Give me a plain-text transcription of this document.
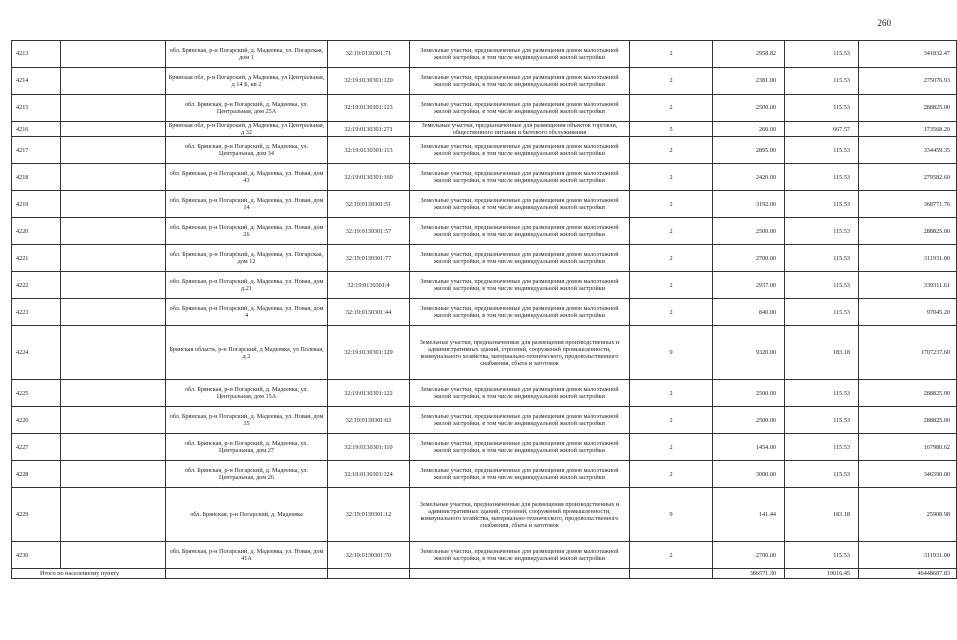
260
4213		обл. Брянская, р-н Погарский, д. Мадеевка, ул. Погарская, дом 1	32:19:0130301:71	Земельные участки, предназначенные для размещения домов малоэтажной жилой застройки, в том числе индивидуальной жилой застройки	2	2958.82	115.53	341832.47
4214		Брянская обл, р-н Погарский, д Мадеевка, ул Центральная, д 14 Б, кв 2	32:19:0130301:120	Земельные участки, предназначенные для размещения домов малоэтажной жилой застройки, в том числе индивидуальной жилой застройки	2	2381.00	115.53	275076.93
4215		обл. Брянская, р-н Погарский, д. Мадеевка, ул. Центральная, дом 25А	32:19:0130301:123	Земельные участки, предназначенные для размещения домов малоэтажной жилой застройки, в том числе индивидуальной жилой застройки	2	2500.00	115.53	288825.00
4216		Брянская обл, р-н Погарский, д Мадеевка, ул Центральная, д 32	32:19:0130301:271	Земельные участки, предназначенные для размещения объектов торговли, общественного питания и бытового обслуживания	5	260.00	667.57	173568.20
4217		обл. Брянская, р-н Погарский, д. Мадеевка, ул. Центральная, дом 34	32:19:0130301:113	Земельные участки, предназначенные для размещения домов малоэтажной жилой застройки, в том числе индивидуальной жилой застройки	2	2895.00	115.53	334459.35
4218		обл. Брянская, р-н Погарский, д. Мадеевка, ул. Новая, дом 43	32:19:0130301:160	Земельные участки, предназначенные для размещения домов малоэтажной жилой застройки, в том числе индивидуальной жилой застройки	2	2420.00	115.53	279582.60
4219		обл. Брянская, р-н Погарский, д. Мадеевка, ул. Новая, дом 14	32:19:0130301:51	Земельные участки, предназначенные для размещения домов малоэтажной жилой застройки, в том числе индивидуальной жилой застройки	2	3192.00	115.53	368771.76
4220		обл. Брянская, р-н Погарский, д. Мадеевка, ул. Новая, дом 26	32:19:0130301:57	Земельные участки, предназначенные для размещения домов малоэтажной жилой застройки, в том числе индивидуальной жилой застройки	2	2500.00	115.53	288825.00
4221		обл. Брянская, р-н Погарский, д. Мадеевка, ул. Погарская, дом 12	32:19:0130301:77	Земельные участки, предназначенные для размещения домов малоэтажной жилой застройки, в том числе индивидуальной жилой застройки	2	2700.00	115.53	311931.00
4222		обл. Брянская, р-н Погарский, д. Мадеевка, ул. Новая, дом д.21	32:19:0130301:4	Земельные участки, предназначенные для размещения домов малоэтажной жилой застройки, в том числе индивидуальной жилой застройки	2	2937.00	115.53	339311.61
4223		обл. Брянская, р-н Погарский, д. Мадеевка, ул. Новая, дом 4	32:19:0130301:44	Земельные участки, предназначенные для размещения домов малоэтажной жилой застройки, в том числе индивидуальной жилой застройки	2	840.00	115.53	97045.20
4224		Брянская область, р-н Погарский, д Мадеевка, ул Полевая, д 2	32:19:0130301:129	Земельные участки, предназначенные для размещения производственных и административных зданий, строений, сооружений промышленности, коммунального хозяйства, материально-технического, продовольственного снабжения, сбыта и заготовок	9	9320.00	183.18	1707237.60
4225		обл. Брянская, р-н Погарский, д. Мадеевка, ул. Центральная, дом 15А	32:19:0130301:122	Земельные участки, предназначенные для размещения домов малоэтажной жилой застройки, в том числе индивидуальной жилой застройки	2	2500.00	115.53	288825.00
4226		обл. Брянская, р-н Погарский, д. Мадеевка, ул. Новая, дом 35	32:19:0130301:63	Земельные участки, предназначенные для размещения домов малоэтажной жилой застройки, в том числе индивидуальной жилой застройки	2	2500.00	115.53	288825.00
4227		обл. Брянская, р-н Погарский, д. Мадеевка, ул. Центральная, дом 27	32:19:0130301:110	Земельные участки, предназначенные для размещения домов малоэтажной жилой застройки, в том числе индивидуальной жилой застройки	2	1454.00	115.53	167980.62
4228		обл. Брянская, р-н Погарский, д. Мадеевка, ул. Центральная, дом 26	32:19:0130301:124	Земельные участки, предназначенные для размещения домов малоэтажной жилой застройки, в том числе индивидуальной жилой застройки	2	3000.00	115.53	346590.00
4229		обл. Брянская, р-н Погарский, д. Мадеевка	32:19:0130301:12	Земельные участки, предназначенные для размещения производственных и административных зданий, строений, сооружений промышленности, коммунального хозяйства, материально-технического, продовольственного снабжения, сбыта и заготовок	9	141.44	183.18	25908.98
4230		обл. Брянская, р-н Погарский, д. Мадеевка, ул. Новая, дом 41А	32:19:0130301:70	Земельные участки, предназначенные для размещения домов малоэтажной жилой застройки, в том числе индивидуальной жилой застройки	2	2700.00	115.53	311931.00
Итого по населенному пункту						386571.30	19016.45	46448687.83
